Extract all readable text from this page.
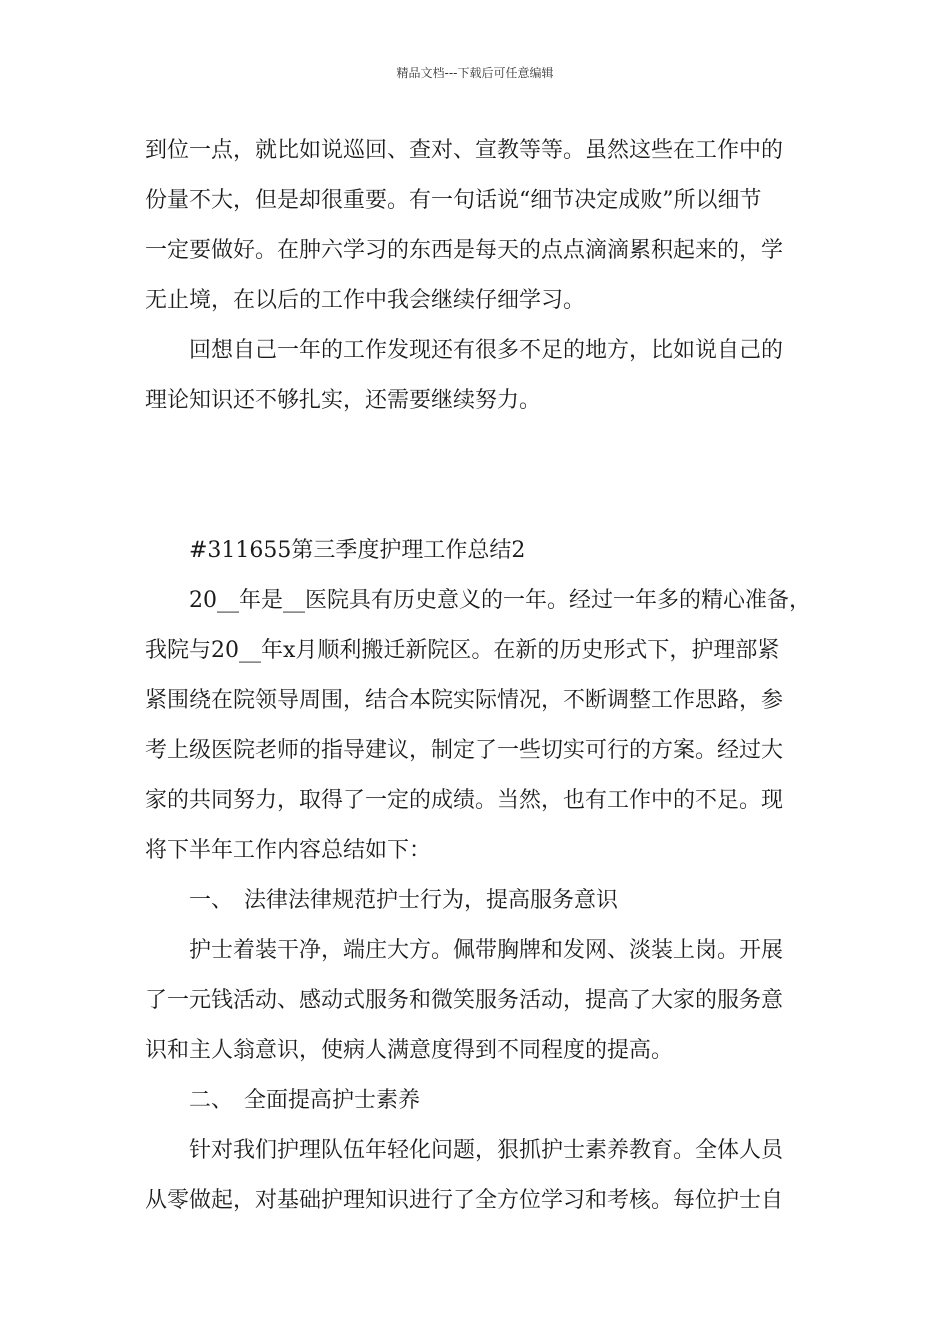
精品文档---下载后可任意编辑
到位一点，就比如说巡回、查对、宣教等等。虽然这些在工作中的
份量不大，但是却很重要。有一句话说“细节决定成败”所以细节
一定要做好。在肿六学习的东西是每天的点点滴滴累积起来的，学
无止境，在以后的工作中我会继续仔细学习。
回想自己一年的工作发现还有很多不足的地方，比如说自己的
理论知识还不够扎实，还需要继续努力。
#311655第三季度护理工作总结2
20__年是__医院具有历史意义的一年。经过一年多的精心准备，
我院与20__年x月顺利搬迁新院区。在新的历史形式下，护理部紧
紧围绕在院领导周围，结合本院实际情况，不断调整工作思路，参
考上级医院老师的指导建议，制定了一些切实可行的方案。经过大
家的共同努力，取得了一定的成绩。当然，也有工作中的不足。现
将下半年工作内容总结如下：
一、 法律法律规范护士行为，提高服务意识
护士着装干净，端庄大方。佩带胸牌和发网、淡装上岗。开展
了一元钱活动、感动式服务和微笑服务活动，提高了大家的服务意
识和主人翁意识，使病人满意度得到不同程度的提高。
二、 全面提高护士素养
针对我们护理队伍年轻化问题，狠抓护士素养教育。全体人员
从零做起，对基础护理知识进行了全方位学习和考核。每位护士自
